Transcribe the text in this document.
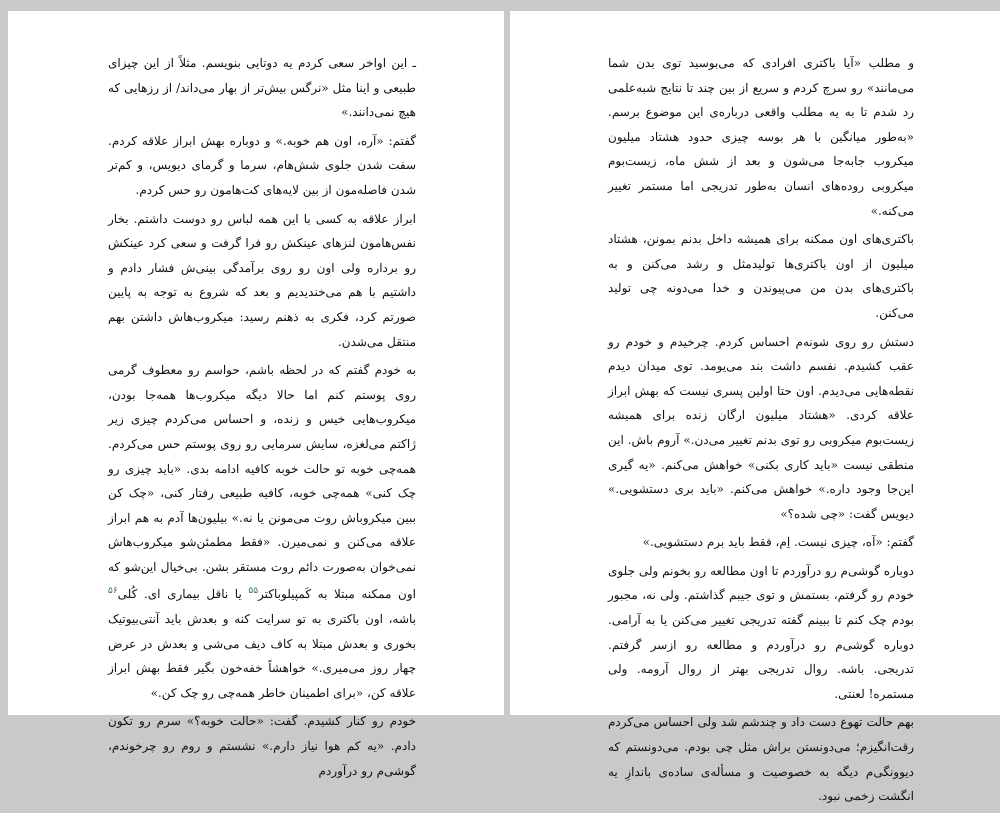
ـ این اواخر سعی کردم یه دوتایی بنویسم. مثلاً از این چیزای طبیعی و اینا مثل «نرگس بیش‌تر از بهار می‌داند/ از رزهایی که هیچ نمی‌دانند.»

گفتم: «آره، اون هم خوبه.» و دوباره بهش ابراز علاقه کردم. سفت شدن جلوی شش‌هام، سرما و گرمای دیویس، و کم‌تر شدن فاصله‌مون از بین لایه‌های کت‌هامون رو حس کردم.

ابراز علاقه به کسی با این همه لباس رو دوست داشتم. بخار نفس‌هامون لنزهای عینکش رو فرا گرفت و سعی کرد عینکش رو برداره ولی اون رو روی برآمدگی بینی‌ش فشار دادم و داشتیم با هم می‌خندیدیم و بعد که شروع به توجه به پایین صورتم کرد، فکری به ذهنم رسید: میکروب‌هاش داشتن بهم منتقل می‌شدن.

به خودم گفتم که در لحظه باشم، حواسم رو معطوف گرمی روی پوستم کنم اما حالا دیگه میکروب‌ها همه‌جا بودن، میکروب‌هایی خیس و زنده، و احساس می‌کردم چیزی زیر ژاکتم می‌لغزه، سایش سرمایی رو روی پوستم حس می‌کردم. همه‌چی خوبه تو حالت خوبه کافیه ادامه بدی. «باید چیزی رو چک کنی» همه‌چی خوبه، کافیه طبیعی رفتار کنی، «چک کن ببین میکروباش روت می‌مونن یا نه.» بیلیون‌ها آدم به هم ابراز علاقه می‌کنن و نمی‌میرن. «فقط مطمئن‌شو میکروب‌هاش نمی‌خوان به‌صورت دائم روت مستقر بشن. بی‌خیال این‌شو که اون ممکنه مبتلا به کَمپیلوباکتر$^{۵۵}$ یا ناقل بیماری ای. کُلی$^{۵۶}$ باشه، اون باکتری به تو سرایت کنه و بعدش باید آنتی‌بیوتیک بخوری و بعدش مبتلا به کاف دیف می‌شی و بعدش در عرض چهار روز می‌میری.» خواهشاً خفه‌خون بگیر فقط بهش ابراز علاقه کن، «برای اطمینان خاطر همه‌چی رو چک کن.»

خودم رو کنار کشیدم. گفت: «حالت خوبه؟» سرم رو تکون دادم. «یه کم هوا نیاز دارم.» نشستم و روم رو چرخوندم، گوشی‌م رو درآوردم

و مطلب «آیا باکتری افرادی که می‌بوسید توی بدن شما می‌مانند» رو سرچ کردم و سریع از بین چند تا نتایج شبه‌علمی رد شدم تا به یه مطلب واقعی درباره‌ی این موضوع برسم. «به‌طور میانگین با هر بوسه چیزی حدود هشتاد میلیون میکروب جابه‌جا می‌شون و بعد از شش ماه، زیست‌بوم میکروبی روده‌های انسان به‌طور تدریجی اما مستمر تغییر می‌کنه.»

باکتری‌های اون ممکنه برای همیشه داخل بدنم بمونن، هشتاد میلیون از اون باکتری‌ها تولیدمثل و رشد می‌کنن و به باکتری‌های بدن من می‌پیوندن و خدا می‌دونه چی تولید می‌کنن.

دستش رو روی شونه‌م احساس کردم. چرخیدم و خودم رو عقب کشیدم. نفسم داشت بند می‌یومد. توی میدان دیدم نقطه‌هایی می‌دیدم. اون حتا اولین پسری نیست که بهش ابراز علاقه کردی. «هشتاد میلیون ارگان زنده برای همیشه زیست‌بوم میکروبی رو توی بدنم تغییر می‌دن.» آروم باش. این منطقی نیست «باید کاری بکنی» خواهش می‌کنم. «یه گیری این‌جا وجود داره.» خواهش می‌کنم. «باید بری دستشویی.» دیویس گفت: «چی شده؟»

گفتم: «آه، چیزی نیست. اِم، فقط باید برم دستشویی.»

دوباره گوشی‌م رو درآوردم تا اون مطالعه رو بخونم ولی جلوی خودم رو گرفتم، بستمش و توی جیبم گذاشتم. ولی نه، مجبور بودم چک کنم تا ببینم گفته تدریجی تغییر می‌کنن یا به آرامی. دوباره گوشی‌م رو درآوردم و مطالعه رو ازسر گرفتم. تدریجی. باشه. روال تدریجی بهتر از روال آرومه. ولی مستمره! لعنتی.

بهم حالت تهوع دست داد و چندشم شد ولی احساس می‌کردم رقت‌انگیزم؛ می‌دونستن براش مثل چی بودم. می‌دونستم که دیوونگی‌م دیگه به خصوصیت و مسأله‌ی ساده‌ی باندازِ یه انگشت زخمی نبود.
